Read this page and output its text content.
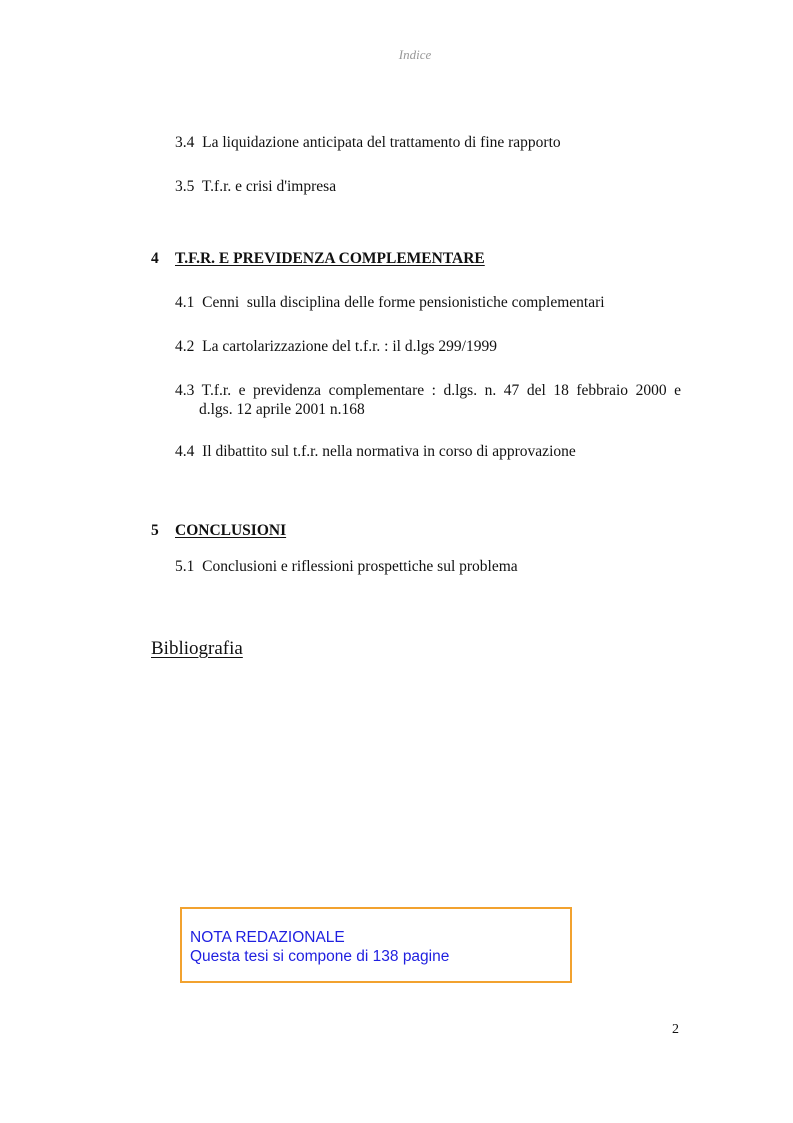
Indice
3.4 La liquidazione anticipata del trattamento di fine rapporto
3.5 T.f.r. e crisi d'impresa
4 T.F.R. E PREVIDENZA COMPLEMENTARE
4.1 Cenni  sulla disciplina delle forme pensionistiche complementari
4.2 La cartolarizzazione del t.f.r. : il d.lgs 299/1999
4.3 T.f.r. e previdenza complementare : d.lgs. n. 47 del 18 febbraio 2000 e
d.lgs. 12 aprile 2001 n.168
4.4 Il dibattito sul t.f.r. nella normativa in corso di approvazione
5 CONCLUSIONI
5.1 Conclusioni e riflessioni prospettiche sul problema
Bibliografia
NOTA REDAZIONALE
Questa tesi si compone di 138 pagine
2
